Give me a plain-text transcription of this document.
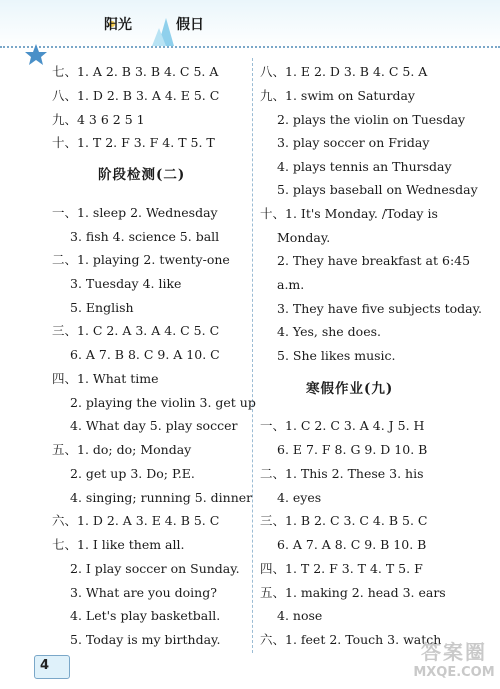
阳光	假日
七、1. A 2. B 3. B 4. C 5. A
八、1. D 2. B 3. A 4. E 5. C
九、4 3 6 2 5 1
十、1. T 2. F 3. F 4. T 5. T
阶段检测(二)
一、1. sleep 2. Wednesday
3. fish 4. science 5. ball
二、1. playing 2. twenty-one
3. Tuesday 4. like
5. English
三、1. C 2. A 3. A 4. C 5. C
6. A 7. B 8. C 9. A 10. C
四、1. What time
2. playing the violin 3. get up
4. What day 5. play soccer
五、1. do; do; Monday
2. get up 3. Do; P.E.
4. singing; running 5. dinner
六、1. D 2. A 3. E 4. B 5. C
七、1. I like them all.
2. I play soccer on Sunday.
3. What are you doing?
4. Let's play basketball.
5. Today is my birthday.
八、1. E 2. D 3. B 4. C 5. A
九、1. swim on Saturday
2. plays the violin on Tuesday
3. play soccer on Friday
4. plays tennis an Thursday
5. plays baseball on Wednesday
十、1. It's Monday. /Today is
Monday.
2. They have breakfast at 6:45
a.m.
3. They have five subjects today.
4. Yes, she does.
5. She likes music.
寒假作业(九)
一、1. C 2. C 3. A 4. J 5. H
6. E 7. F 8. G 9. D 10. B
二、1. This 2. These 3. his
4. eyes
三、1. B 2. C 3. C 4. B 5. C
6. A 7. A 8. C 9. B 10. B
四、1. T 2. F 3. T 4. T 5. F
五、1. making 2. head 3. ears
4. nose
六、1. feet 2. Touch 3. watch
4
答案圈
MXQE.COM
